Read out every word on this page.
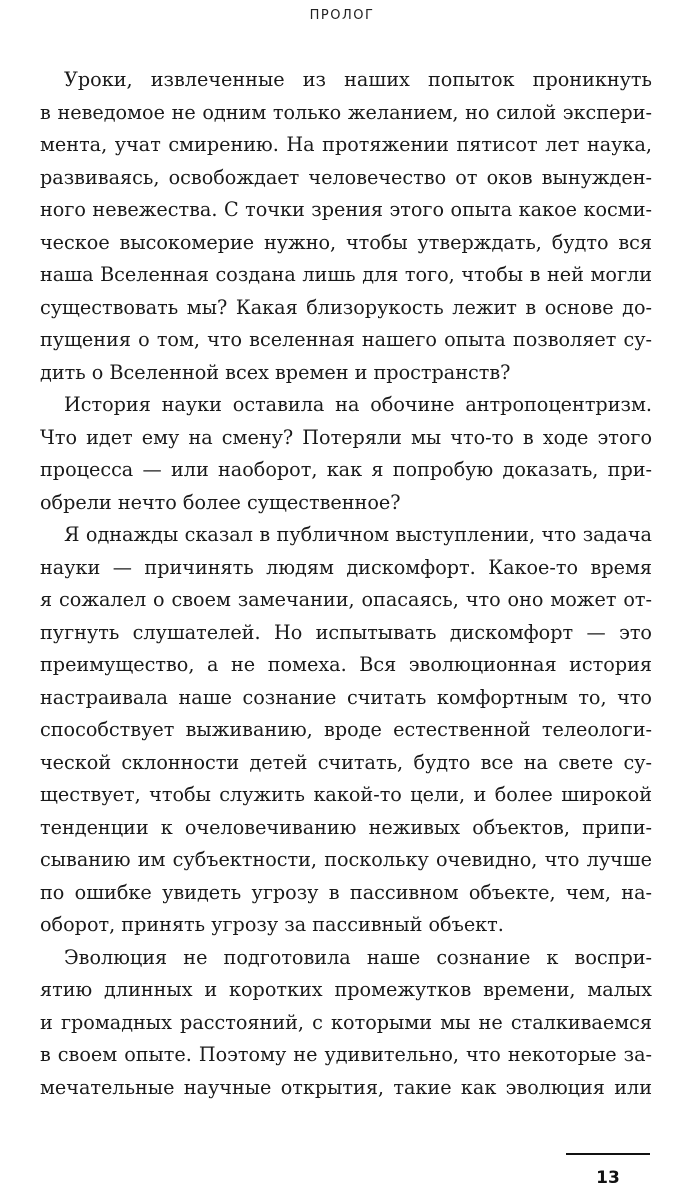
ПРОЛОГ
Уроки, извлеченные из наших попыток проникнуть
в неведомое не одним только желанием, но силой экспери-
мента, учат смирению. На протяжении пятисот лет наука,
развиваясь, освобождает человечество от оков вынужден-
ного невежества. С точки зрения этого опыта какое косми-
ческое высокомерие нужно, чтобы утверждать, будто вся
наша Вселенная создана лишь для того, чтобы в ней могли
существовать мы? Какая близорукость лежит в основе до-
пущения о том, что вселенная нашего опыта позволяет су-
дить о Вселенной всех времен и пространств?
История науки оставила на обочине антропоцентризм.
Что идет ему на смену? Потеряли мы что-то в ходе этого
процесса — или наоборот, как я попробую доказать, при-
обрели нечто более существенное?
Я однажды сказал в публичном выступлении, что задача
науки — причинять людям дискомфорт. Какое-то время
я сожалел о своем замечании, опасаясь, что оно может от-
пугнуть слушателей. Но испытывать дискомфорт — это
преимущество, а не помеха. Вся эволюционная история
настраивала наше сознание считать комфортным то, что
способствует выживанию, вроде естественной телеологи-
ческой склонности детей считать, будто все на свете су-
ществует, чтобы служить какой-то цели, и более широкой
тенденции к очеловечиванию неживых объектов, припи-
сыванию им субъектности, поскольку очевидно, что лучше
по ошибке увидеть угрозу в пассивном объекте, чем, на-
оборот, принять угрозу за пассивный объект.
Эволюция не подготовила наше сознание к воспри-
ятию длинных и коротких промежутков времени, малых
и громадных расстояний, с которыми мы не сталкиваемся
в своем опыте. Поэтому не удивительно, что некоторые за-
мечательные научные открытия, такие как эволюция или
13
